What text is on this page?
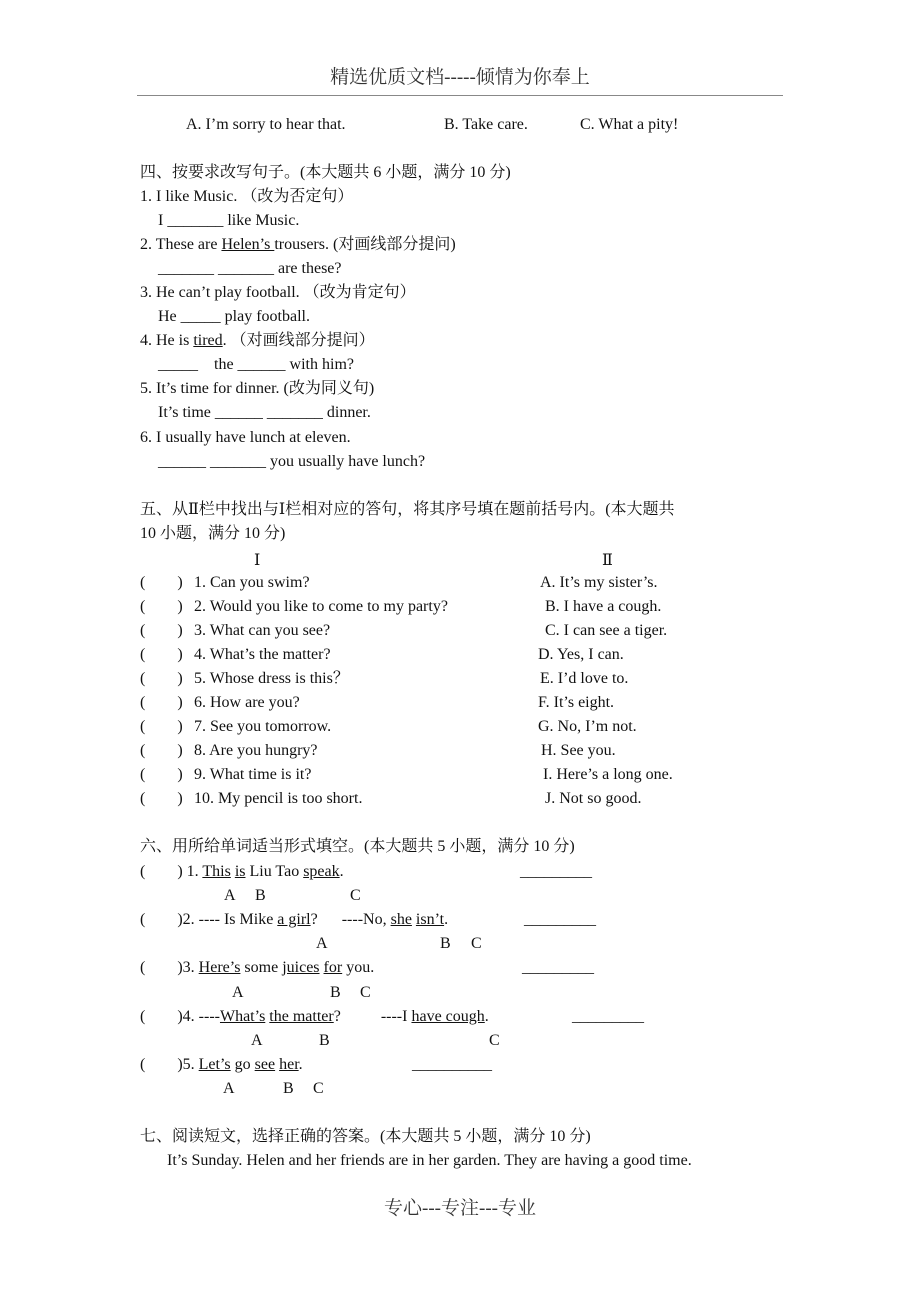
精选优质文档-----倾情为你奉上
A. I’m sorry to hear that.	B. Take care.	C. What a pity!
四、按要求改写句子。(本大题共 6 小题，满分 10 分)
1. I like Music. （改为否定句）
I _______ like Music.
2. These are Helen’s trousers. (对画线部分提问)
_______ _______ are these?
3. He can’t play football. （改为肯定句）
He _____ play football.
4. He is tired. （对画线部分提问）
_____    the ______ with him?
5. It’s time for dinner. (改为同义句)
It’s time ______ _______ dinner.
6. I usually have lunch at eleven.
______ _______ you usually have lunch?
五、从Ⅱ栏中找出与Ⅰ栏相对应的答句，将其序号填在题前括号内。(本大题共
10 小题，满分 10 分)
Ⅰ	Ⅱ
(        ) 1. Can you swim?	A. It’s my sister’s.
(        ) 2. Would you like to come to my party?	B. I have a cough.
(        ) 3. What can you see?	C. I can see a tiger.
(        ) 4. What’s the matter?	D. Yes, I can.
(        ) 5. Whose dress is this？	E. I’d love to.
(        ) 6. How are you?	F. It’s eight.
(        ) 7. See you tomorrow.	G. No, I’m not.
(        ) 8. Are you hungry?	H. See you.
(        ) 9. What time is it?	I. Here’s a long one.
(        ) 10. My pencil is too short.	J. Not so good.
六、用所给单词适当形式填空。(本大题共 5 小题，满分 10 分)
(        ) 1. This is Liu Tao speak.	_________
A B	C
(        )2. ---- Is Mike a girl?      ----No, she isn’t.	_________
A	B C
(        )3. Here’s some juices for you.	_________
A	B C
(        )4. ----What’s the matter?          ----I have cough.	_________
A	B	C
(        )5. Let’s go see her.	__________
A	B C
七、阅读短文，选择正确的答案。(本大题共 5 小题，满分 10 分)
It’s Sunday. Helen and her friends are in her garden. They are having a good time.
专心---专注---专业
